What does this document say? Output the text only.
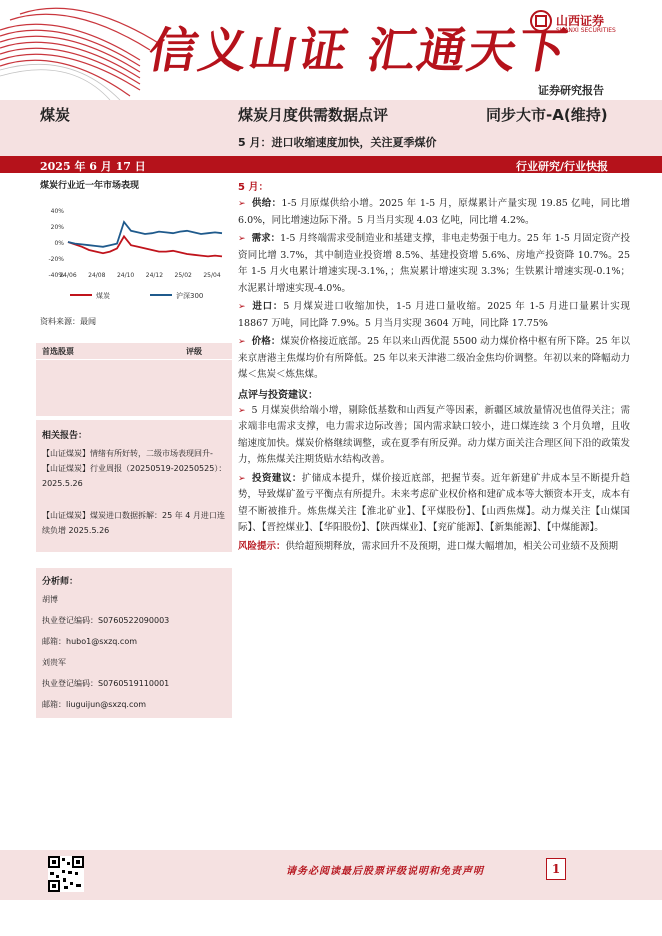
信义山证 汇通天下
山西证券
SHANXI SECURITIES
证券研究报告
煤炭	煤炭月度供需数据点评	同步大市-A(维持)
5 月：进口收缩速度加快，关注夏季煤价
2025 年 6 月 17 日	行业研究/行业快报
煤炭行业近一年市场表现
40%
20%
0%
-20%
-40%
24/06 24/08 24/10 24/12 25/02 25/04
煤炭	沪深300
资料来源：最闻
首选股票	评级
相关报告：
【山证煤炭】情绪有所好转，二级市场表现回升-【山证煤炭】行业周报（20250519-20250525）： 2025.5.26
【山证煤炭】煤炭进口数据拆解：25 年 4 月进口连续负增 2025.5.26
分析师：
胡博
执业登记编码：S0760522090003
邮箱：hubo1@sxzq.com
刘贵军
执业登记编码：S0760519110001
邮箱：liuguijun@sxzq.com
5 月：

➢ 供给：1-5 月原煤供给小增。2025 年 1-5 月，原煤累计产量实现 19.85 亿吨，同比增 6.0%，同比增速边际下滑。5 月当月实现 4.03 亿吨，同比增 4.2%。

➢ 需求：1-5 月终端需求受制造业和基建支撑，非电走势强于电力。25 年 1-5 月固定资产投资同比增 3.7%，其中制造业投资增 8.5%、基建投资增 5.6%、房地产投资降 10.7%。25 年 1-5 月火电累计增速实现-3.1%，；焦炭累计增速实现 3.3%；生铁累计增速实现-0.1%；水泥累计增速实现-4.0%。

➢ 进口：5 月煤炭进口收缩加快，1-5 月进口量收缩。2025 年 1-5 月进口量累计实现 18867 万吨，同比降 7.9%。5 月当月实现 3604 万吨，同比降 17.75%

➢ 价格：煤炭价格接近底部。25 年以来山西优混 5500 动力煤价格中枢有所下降。25 年以来京唐港主焦煤均价有所降低。25 年以来天津港二级冶金焦均价调整。年初以来的降幅动力煤＜焦炭＜炼焦煤。

点评与投资建议：

➢ 5 月煤炭供给端小增，剔除低基数和山西复产等因素，新疆区域放量情况也值得关注；需求端非电需求支撑，电力需求边际改善；国内需求缺口较小，进口煤连续 3 个月负增，且收缩速度加快。煤炭价格继续调整，或在夏季有所反弹。动力煤方面关注合理区间下沿的政策发力，炼焦煤关注期货贴水结构改善。

➢ 投资建议：扩储成本提升，煤价接近底部，把握节奏。近年新建矿井成本呈不断提升趋势，导致煤矿盈亏平衡点有所提升。未来考虑矿业权价格和建矿成本等大额资本开支，成本有望不断被推升。炼焦煤关注【淮北矿业】、【平煤股份】、【山西焦煤】。动力煤关注【山煤国际】、【晋控煤业】、【华阳股份】、【陕西煤业】、【兖矿能源】、【新集能源】、【中煤能源】。

风险提示：供给超预期释放，需求回升不及预期，进口煤大幅增加，相关公司业绩不及预期

请务必阅读最后股票评级说明和免责声明	1
